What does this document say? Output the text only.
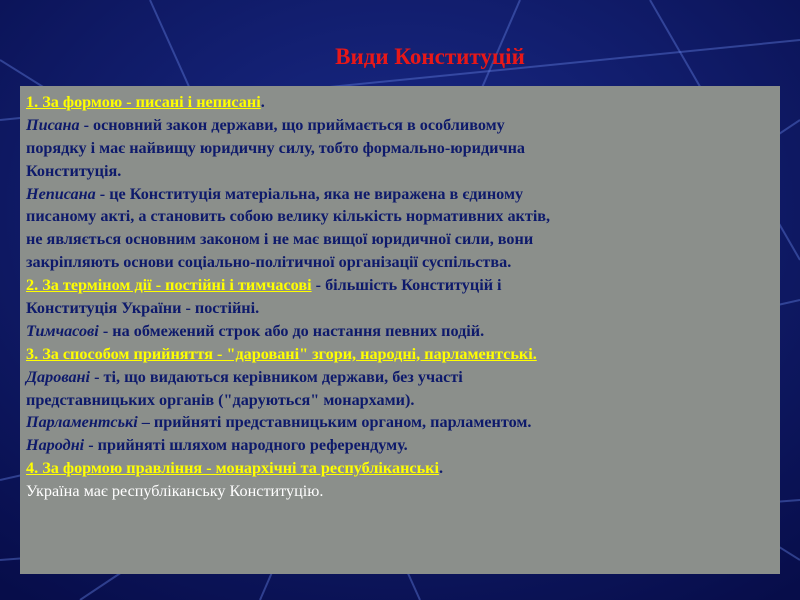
Види Конституцій
1. За формою - писані і неписані.
Писана - основний закон держави, що приймається в особливому
порядку і має найвищу юридичну силу, тобто формально-юридична
Конституція.
Неписана - це Конституція матеріальна, яка не виражена в єдиному
писаному акті, а становить собою велику кількість нормативних актів,
не являється основним законом і не має вищої юридичної сили, вони
закріпляють основи соціально-політичної організації суспільства.
2. За терміном дії - постійні і тимчасові - більшість Конституцій і
Конституція України - постійні.
Тимчасові - на обмежений строк або до настання певних подій.
3. За способом прийняття - "даровані" згори, народні, парламентські.
Даровані - ті, що видаються керівником держави, без участі
представницьких органів ("даруються" монархами).
Парламентські – прийняті представницьким органом, парламентом.
Народні - прийняті шляхом народного референдуму.
4. За формою правління - монархічні та республіканські.
Україна має республіканську Конституцію.
